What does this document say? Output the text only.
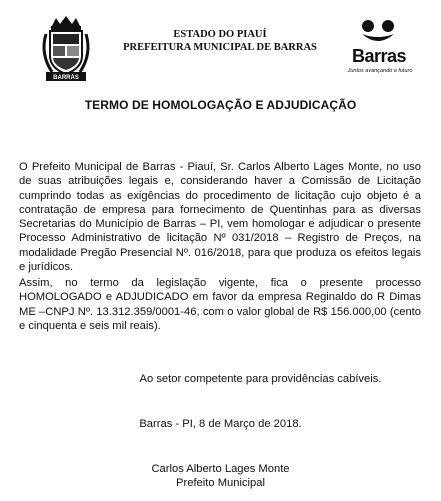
BARRAS
ESTADO DO PIAUÍ
PREFEITURA MUNICIPAL DE BARRAS	Barras
Juntos avançando o futuro
TERMO DE HOMOLOGAÇÃO E ADJUDICAÇÃO
O Prefeito Municipal de Barras - Piauí, Sr. Carlos Alberto Lages Monte, no uso de suas atribuições legais e, considerando haver a Comissão de Licitação cumprindo todas as exigências do procedimento de licitação cujo objeto é a contratação de empresa para fornecimento de Quentinhas para as diversas Secretarias do Município de Barras – PI, vem homologar e adjudicar o presente Processo Administrativo de licitação Nº 031/2018 – Registro de Preços, na modalidade Pregão Presencial Nº. 016/2018, para que produza os efeitos legais e jurídicos.
Assim, no termo da legislação vigente, fica o presente processo HOMOLOGADO e ADJUDICADO em favor da empresa Reginaldo do R Dimas ME –CNPJ Nº. 13.312.359/0001-46, com o valor global de R$ 156.000,00 (cento e cinquenta e seis mil reais).
Ao setor competente para providências cabíveis.
Barras - PI, 8 de Março de 2018.
Carlos Alberto Lages Monte
Prefeito Municipal
